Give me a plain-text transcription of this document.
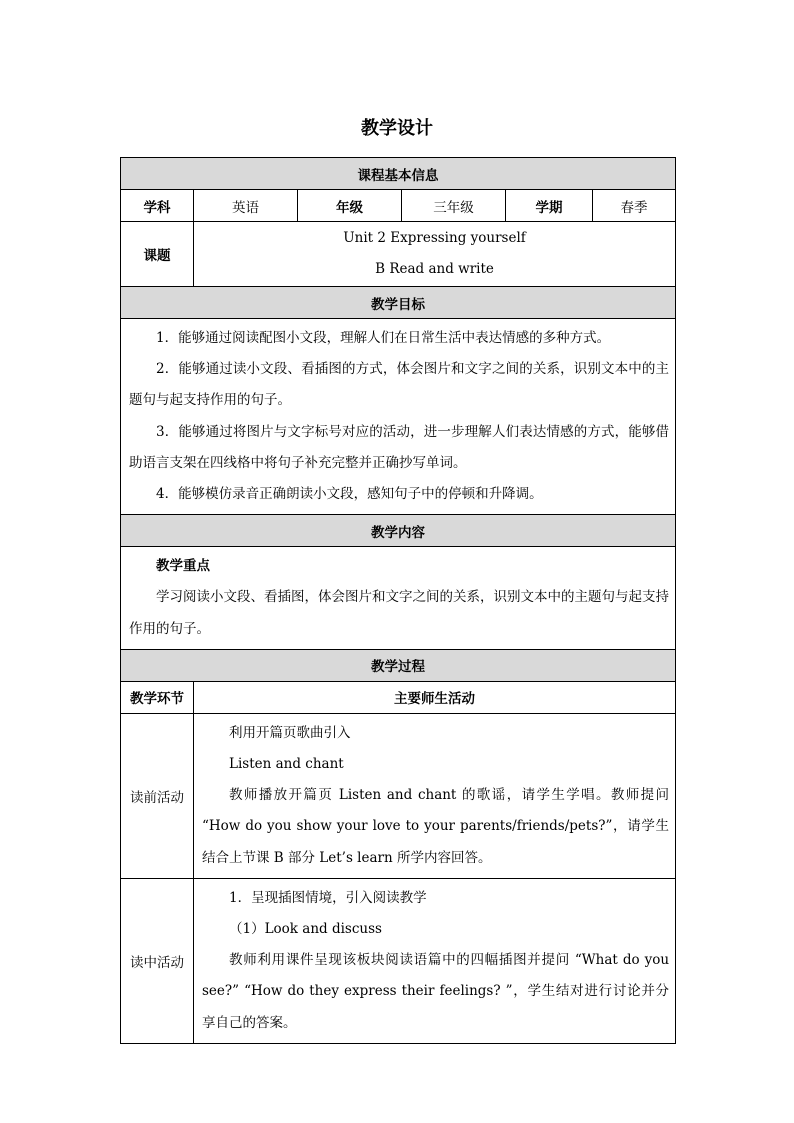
教学设计
课程基本信息					
学科	英语	年级	三年级	学期	春季
课题	Unit 2 Expressing yourself
B Read and write				

教学目标					

1．能够通过阅读配图小文段，理解人们在日常生活中表达情感的多种方式。

2．能够通过读小文段、看插图的方式，体会图片和文字之间的关系，识别文本中的主题句与起支持作用的句子。

3．能够通过将图片与文字标号对应的活动，进一步理解人们表达情感的方式，能够借助语言支架在四线格中将句子补充完整并正确抄写单词。

4．能够模仿录音正确朗读小文段，感知句子中的停顿和升降调。					

教学内容					

教学重点

学习阅读小文段、看插图，体会图片和文字之间的关系，识别文本中的主题句与起支持作用的句子。					

教学过程					
教学环节	主要师生活动				
读前活动	利用开篇页歌曲引入

Listen and chant

教师播放开篇页 Listen and chant 的歌谣，请学生学唱。教师提问 “How do you show your love to your parents/friends/pets?”，请学生结合上节课 B 部分 Let’s learn 所学内容回答。				

读中活动	1．呈现插图情境，引入阅读教学

（1）Look and discuss

教师利用课件呈现该板块阅读语篇中的四幅插图并提问 “What do you see?” “How do they express their feelings? ”，学生结对进行讨论并分享自己的答案。				
